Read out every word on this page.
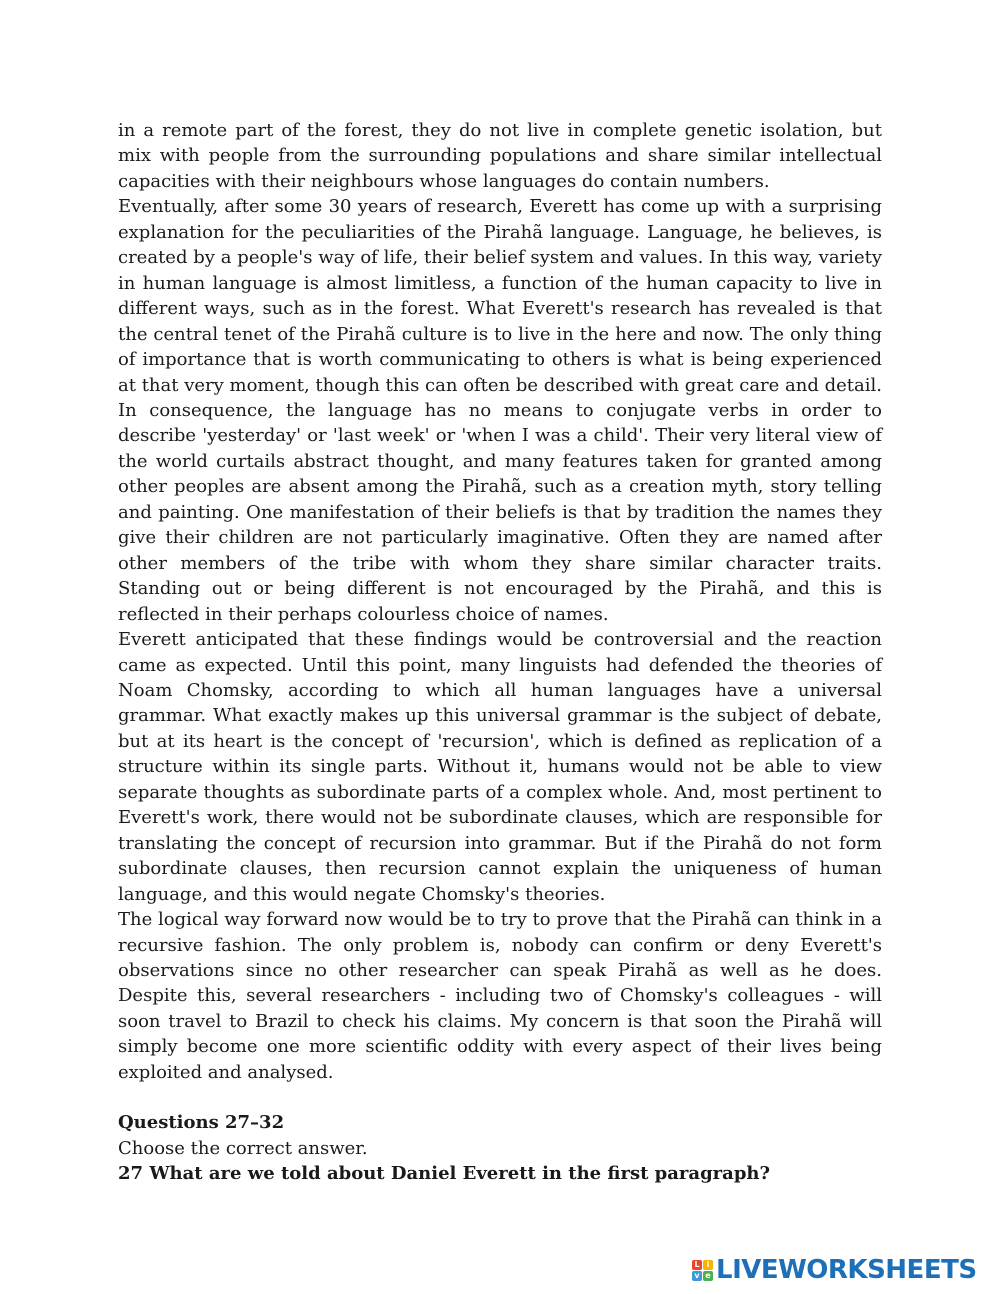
in a remote part of the forest, they do not live in complete genetic isolation, but mix with people from the surrounding populations and share similar intellectual capacities with their neighbours whose languages do contain numbers.

Eventually, after some 30 years of research, Everett has come up with a surprising explanation for the peculiarities of the Pirahã language. Language, he believes, is created by a people's way of life, their belief system and values. In this way, variety in human language is almost limitless, a function of the human capacity to live in different ways, such as in the forest. What Everett's research has revealed is that the central tenet of the Pirahã culture is to live in the here and now. The only thing of importance that is worth communicating to others is what is being experienced at that very moment, though this can often be described with great care and detail. In consequence, the language has no means to conjugate verbs in order to describe 'yesterday' or 'last week' or 'when I was a child'. Their very literal view of the world curtails abstract thought, and many features taken for granted among other peoples are absent among the Pirahã, such as a creation myth, story telling and painting. One manifestation of their beliefs is that by tradition the names they give their children are not particularly imaginative. Often they are named after other members of the tribe with whom they share similar character traits. Standing out or being different is not encouraged by the Pirahã, and this is reflected in their perhaps colourless choice of names.

Everett anticipated that these findings would be controversial and the reaction came as expected. Until this point, many linguists had defended the theories of Noam Chomsky, according to which all human languages have a universal grammar. What exactly makes up this universal grammar is the subject of debate, but at its heart is the concept of 'recursion', which is defined as replication of a structure within its single parts. Without it, humans would not be able to view separate thoughts as subordinate parts of a complex whole. And, most pertinent to Everett's work, there would not be subordinate clauses, which are responsible for translating the concept of recursion into grammar. But if the Pirahã do not form subordinate clauses, then recursion cannot explain the uniqueness of human language, and this would negate Chomsky's theories.

The logical way forward now would be to try to prove that the Pirahã can think in a recursive fashion. The only problem is, nobody can confirm or deny Everett's observations since no other researcher can speak Pirahã as well as he does. Despite this, several researchers - including two of Chomsky's colleagues - will soon travel to Brazil to check his claims. My concern is that soon the Pirahã will simply become one more scientific oddity with every aspect of their lives being exploited and analysed.

Questions 27–32

Choose the correct answer.

27 What are we told about Daniel Everett in the first paragraph?

L i
v e LIVEWORKSHEETS
